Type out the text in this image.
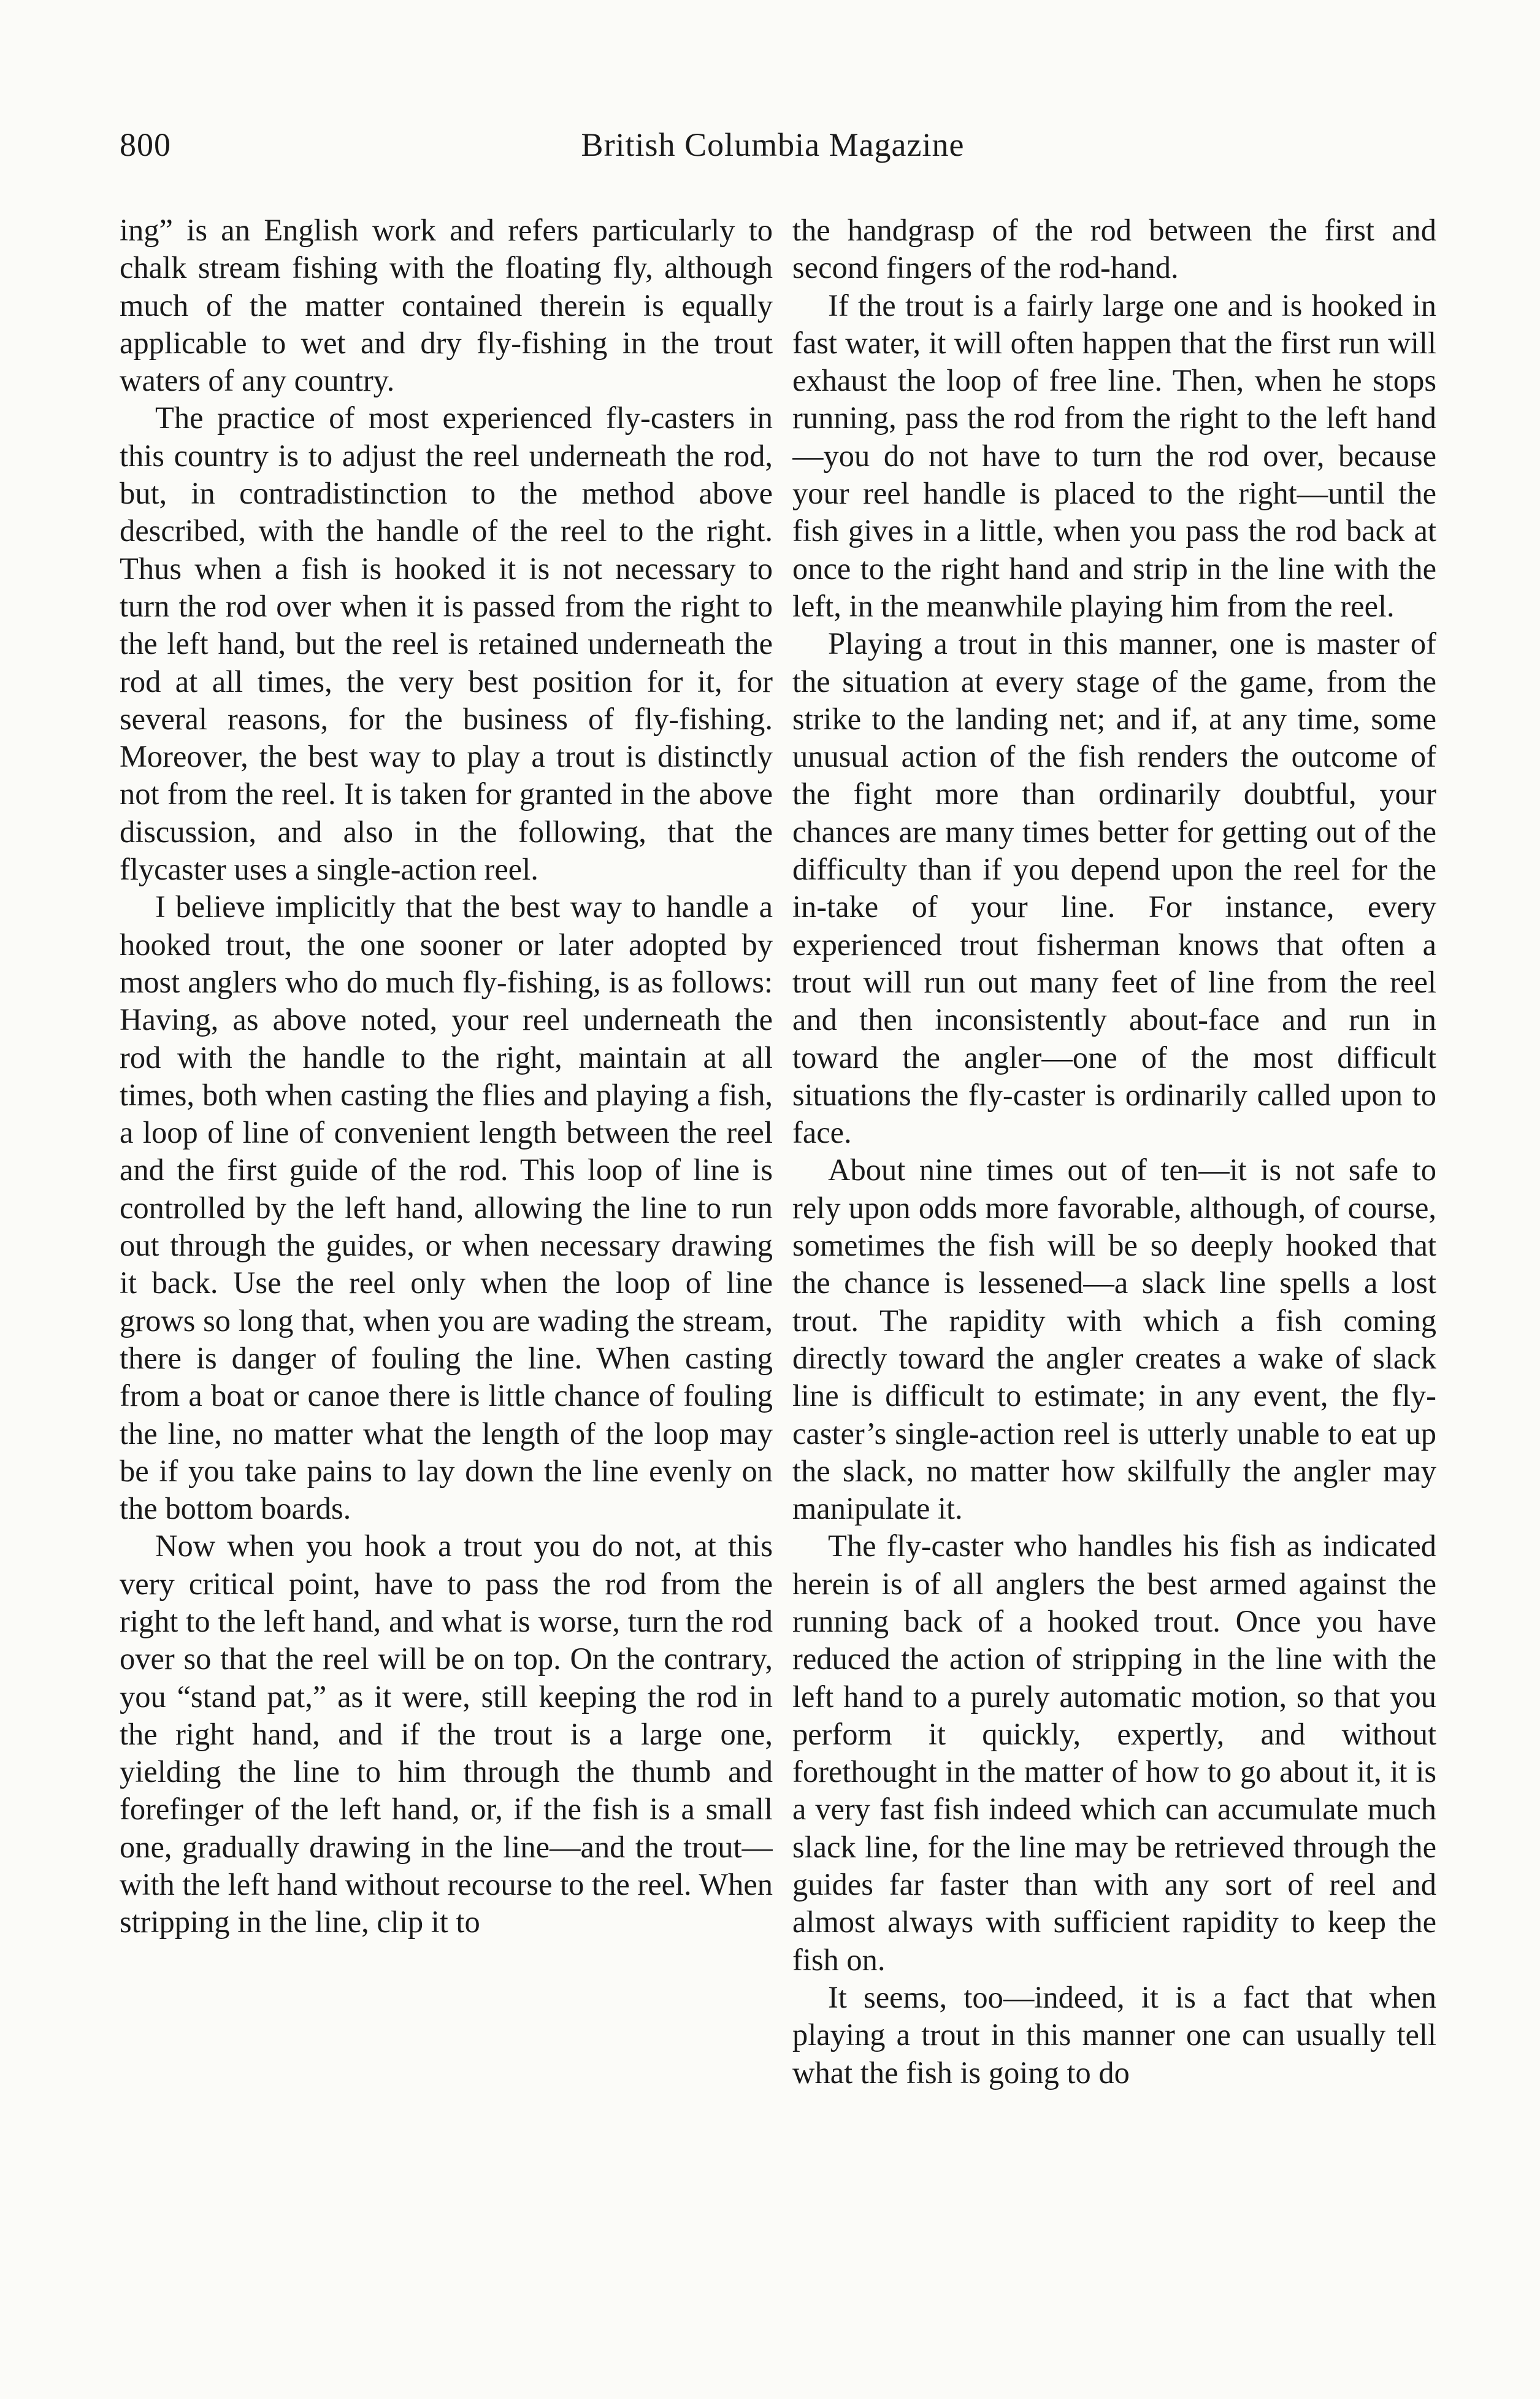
800	British Columbia Magazine

ing” is an English work and refers particularly to chalk stream fishing with the floating fly, although much of the matter contained therein is equally applicable to wet and dry fly-fishing in the trout waters of any country.

The practice of most experienced fly-casters in this country is to adjust the reel underneath the rod, but, in contradistinction to the method above described, with the handle of the reel to the right. Thus when a fish is hooked it is not necessary to turn the rod over when it is passed from the right to the left hand, but the reel is retained underneath the rod at all times, the very best position for it, for several reasons, for the business of fly-fishing. Moreover, the best way to play a trout is distinctly not from the reel. It is taken for granted in the above discussion, and also in the following, that the flycaster uses a single-action reel.

I believe implicitly that the best way to handle a hooked trout, the one sooner or later adopted by most anglers who do much fly-fishing, is as follows: Having, as above noted, your reel underneath the rod with the handle to the right, maintain at all times, both when casting the flies and playing a fish, a loop of line of convenient length between the reel and the first guide of the rod. This loop of line is controlled by the left hand, allowing the line to run out through the guides, or when necessary drawing it back. Use the reel only when the loop of line grows so long that, when you are wading the stream, there is danger of fouling the line. When casting from a boat or canoe there is little chance of fouling the line, no matter what the length of the loop may be if you take pains to lay down the line evenly on the bottom boards.

Now when you hook a trout you do not, at this very critical point, have to pass the rod from the right to the left hand, and what is worse, turn the rod over so that the reel will be on top. On the contrary, you “stand pat,” as it were, still keeping the rod in the right hand, and if the trout is a large one, yielding the line to him through the thumb and forefinger of the left hand, or, if the fish is a small one, gradually drawing in the line—and the trout—with the left hand without recourse to the reel. When stripping in the line, clip it to

the handgrasp of the rod between the first and second fingers of the rod-hand.

If the trout is a fairly large one and is hooked in fast water, it will often happen that the first run will exhaust the loop of free line. Then, when he stops running, pass the rod from the right to the left hand —you do not have to turn the rod over, because your reel handle is placed to the right—until the fish gives in a little, when you pass the rod back at once to the right hand and strip in the line with the left, in the meanwhile playing him from the reel.

Playing a trout in this manner, one is master of the situation at every stage of the game, from the strike to the landing net; and if, at any time, some unusual action of the fish renders the outcome of the fight more than ordinarily doubtful, your chances are many times better for getting out of the difficulty than if you depend upon the reel for the in-take of your line. For instance, every experienced trout fisherman knows that often a trout will run out many feet of line from the reel and then inconsistently about-face and run in toward the angler—one of the most difficult situations the fly-caster is ordinarily called upon to face.

About nine times out of ten—it is not safe to rely upon odds more favorable, although, of course, sometimes the fish will be so deeply hooked that the chance is lessened—a slack line spells a lost trout. The rapidity with which a fish coming directly toward the angler creates a wake of slack line is difficult to estimate; in any event, the fly-caster’s single-action reel is utterly unable to eat up the slack, no matter how skilfully the angler may manipulate it.

The fly-caster who handles his fish as indicated herein is of all anglers the best armed against the running back of a hooked trout. Once you have reduced the action of stripping in the line with the left hand to a purely automatic motion, so that you perform it quickly, expertly, and without forethought in the matter of how to go about it, it is a very fast fish indeed which can accumulate much slack line, for the line may be retrieved through the guides far faster than with any sort of reel and almost always with sufficient rapidity to keep the fish on.

It seems, too—indeed, it is a fact that when playing a trout in this manner one can usually tell what the fish is going to do
